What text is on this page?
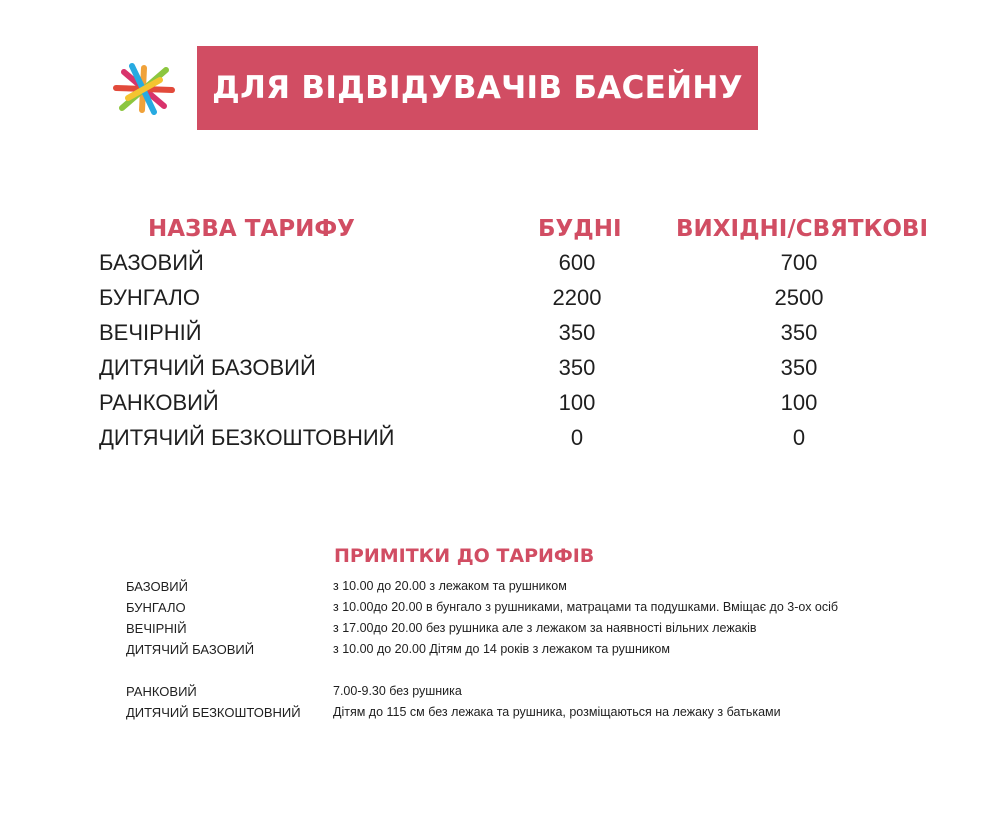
ДЛЯ ВІДВІДУВАЧІВ БАСЕЙНУ
НАЗВА ТАРИФУ	БУДНІ ВИХІДНІ/СВЯТКОВІ
БАЗОВИЙ	600	700
БУНГАЛО	2200	2500
ВЕЧІРНІЙ	350	350
ДИТЯЧИЙ БАЗОВИЙ	350	350
РАНКОВИЙ	100	100
ДИТЯЧИЙ БЕЗКОШТОВНИЙ	0	0
ПРИМІТКИ ДО ТАРИФІВ
БАЗОВИЙ	з 10.00 до 20.00 з лежаком та рушником
БУНГАЛО	з 10.00до 20.00 в бунгало з рушниками, матрацами та подушками. Вміщає до 3-ох осіб
ВЕЧІРНІЙ	з 17.00до 20.00 без рушника але з лежаком за наявності вільних лежаків
ДИТЯЧИЙ БАЗОВИЙ	з 10.00 до 20.00 Дітям до 14 років з лежаком та рушником
РАНКОВИЙ	7.00-9.30 без рушника
ДИТЯЧИЙ БЕЗКОШТОВНИЙ	Дітям до 115 см без лежака та рушника, розміщаються на лежаку з батьками
